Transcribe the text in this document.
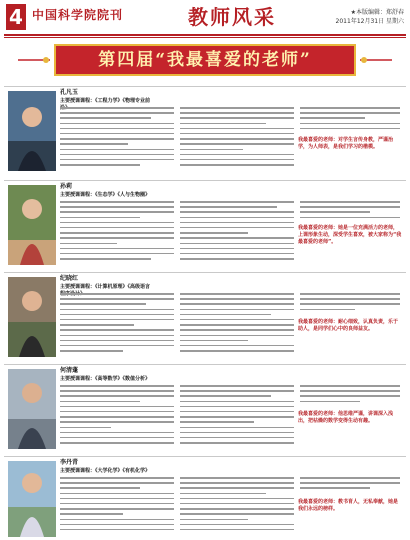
4 中国科学院院刊	教师风采	★本版编辑：郑舒春
2011年12月31日 星期六
第四届“我最喜爱的老师”
孔凡玉
主要授课课程：《工程力学》《物理专业前
我最喜爱的老师：对学生言传身教，严谨治学，为人师表，是我们学习的楷模。
孙莉
主要授课课程：《生态学》《人与生物圈》
我最喜爱的老师：她是一位充满活力的老师，上课形象生动，深受学生喜欢，被大家称为“我最喜爱的老师”。
纪晓红
主要授课课程：《计算机原理》《高级语言
我最喜爱的老师：耐心细致，认真负责，乐于助人，是同学们心中的良师益友。
何清蓬
主要授课课程：《高等数学》《数值分析》
我最喜爱的老师：他思维严谨，讲课深入浅出，把枯燥的数学变得生动有趣。
李丹青
主要授课课程：《大学化学》《有机化学》
我最喜爱的老师：教书育人，无私奉献，她是我们永远的榜样。
